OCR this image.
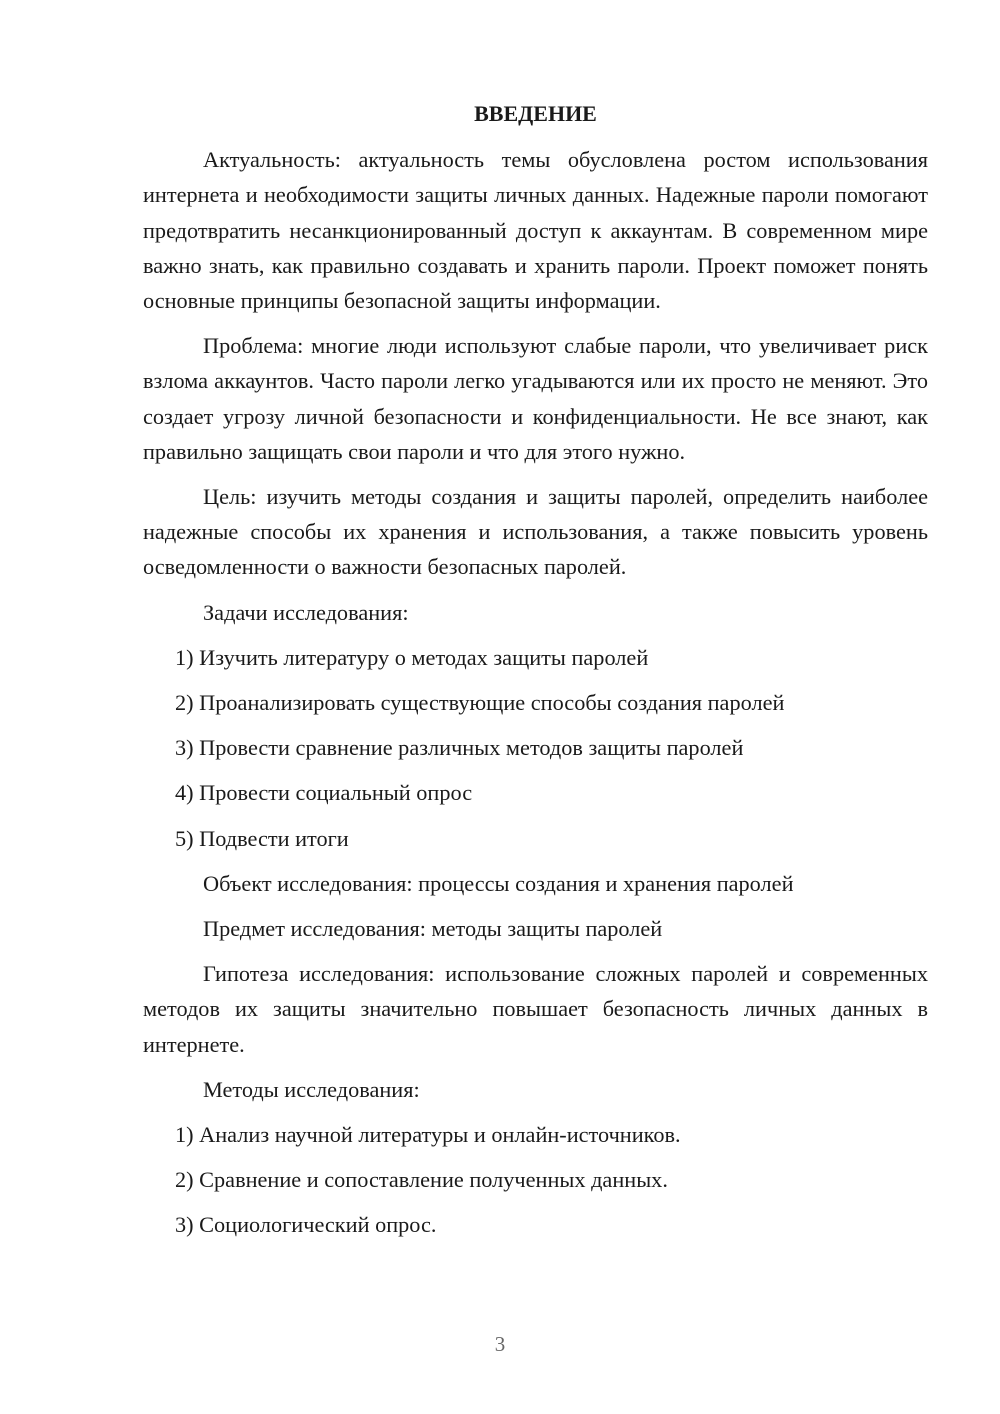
ВВЕДЕНИЕ

Актуальность: актуальность темы обусловлена ростом использования интернета и необходимости защиты личных данных. Надежные пароли помогают предотвратить несанкционированный доступ к аккаунтам. В современном мире важно знать, как правильно создавать и хранить пароли. Проект поможет понять основные принципы безопасной защиты информации.

Проблема: многие люди используют слабые пароли, что увеличивает риск взлома аккаунтов. Часто пароли легко угадываются или их просто не меняют. Это создает угрозу личной безопасности и конфиденциальности. Не все знают, как правильно защищать свои пароли и что для этого нужно.

Цель: изучить методы создания и защиты паролей, определить наиболее надежные способы их хранения и использования, а также повысить уровень осведомленности о важности безопасных паролей.

Задачи исследования:

1) Изучить литературу о методах защиты паролей

2) Проанализировать существующие способы создания паролей

3) Провести сравнение различных методов защиты паролей

4) Провести социальный опрос

5) Подвести итоги

Объект исследования: процессы создания и хранения паролей

Предмет исследования: методы защиты паролей

Гипотеза исследования: использование сложных паролей и современных методов их защиты значительно повышает безопасность личных данных в интернете.

Методы исследования:

1) Анализ научной литературы и онлайн-источников.

2) Сравнение и сопоставление полученных данных.

3) Социологический опрос.

3
